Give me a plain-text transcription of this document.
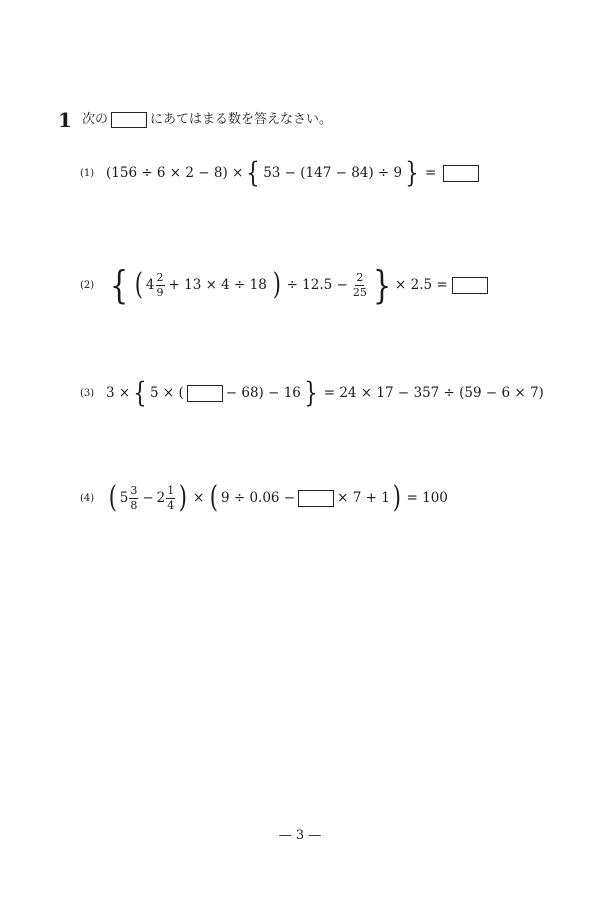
1 次の	にあてはまる数を答えなさい。
(1) (156 ÷ 6 × 2 − 8) × { 53 − (147 − 84) ÷ 9 } =
(2) { ( $4 \frac{2}{9} + 13 \times 4 \div 18$ ) ÷ $12.5 - \frac{2}{25}$ } × 2.5 =
(3) 3 × { 5 × (	− 68) − 16 } = 24 × 17 − 357 ÷ (59 − 6 × 7)
(4) ( $5 \frac{3}{8} - 2 \frac{1}{4}$ ) × ( 9 ÷ 0.06 −	× 7 + 1 ) = 100
— 3 —
